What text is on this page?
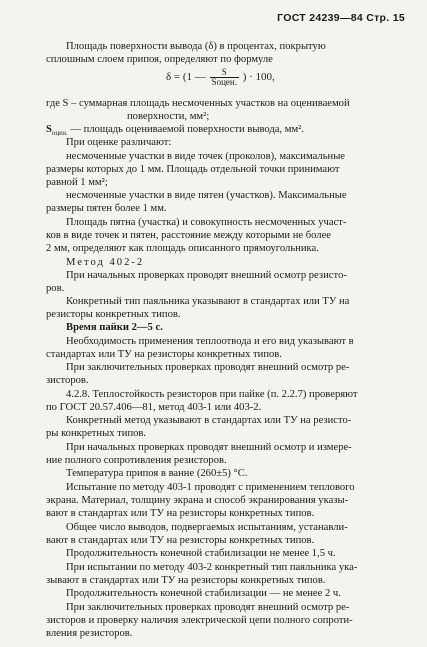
ГОСТ 24239—84 Стр. 15
Площадь поверхности вывода (δ) в процентах, покрытую
сплошным слоем припоя, определяют по формуле
δ = (1 — $\frac{S}{\text{Sоцен.}}$ ) · 100,
где S – суммарная площадь несмоченных участков на оцениваемой
поверхности, мм²;
$S_{оцен.}$ — площадь оцениваемой поверхности вывода, мм².
При оценке различают:
несмоченные участки в виде точек (проколов), максимальные
размеры которых до 1 мм. Площадь отдельной точки принимают
равной 1 мм²;
несмоченные участки в виде пятен (участков). Максимальные
размеры пятен более 1 мм.
Площадь пятна (участка) и совокупность несмоченных участ-
ков в виде точек и пятен, расстояние между которыми не более
2 мм, определяют как площадь описанного прямоугольника.
Метод 402-2
При начальных проверках проводят внешний осмотр резистo-
ров.
Конкретный тип паяльника указывают в стандартах или ТУ на
резисторы конкретных типов.
Время пайки 2—5 с.
Необходимость применения теплоотвода и его вид указывают в
стандартах или ТУ на резисторы конкретных типов.
При заключительных проверках проводят внешний осмотр ре-
зисторов.
4.2.8. Теплостойкость резисторов при пайке (п. 2.2.7) проверяют
по ГОСТ 20.57.406—81, метод 403-1 или 403-2.
Конкретный метод указывают в стандартах или ТУ на резисто-
ры конкретных типов.
При начальных проверках проводят внешний осмотр и измере-
ние полного сопротивления резисторов.
Температура припоя в ванне (260±5) °С.
Испытание по методу 403-1 проводят с применением теплового
экрана. Материал, толщину экрана и способ экранирования указы-
вают в стандартах или ТУ на резисторы конкретных типов.
Общее число выводов, подвергаемых испытаниям, устанавли-
вают в стандартах или ТУ на резисторы конкретных типов.
Продолжительность конечной стабилизации не менее 1,5 ч.
При испытании по методу 403-2 конкретный тип паяльника ука-
зывают в стандартах или ТУ на резисторы конкретных типов.
Продолжительность конечной стабилизации — не менее 2 ч.
При заключительных проверках проводят внешний осмотр ре-
зисторов и проверку наличия электрической цепи полного сопроти-
вления резисторов.
